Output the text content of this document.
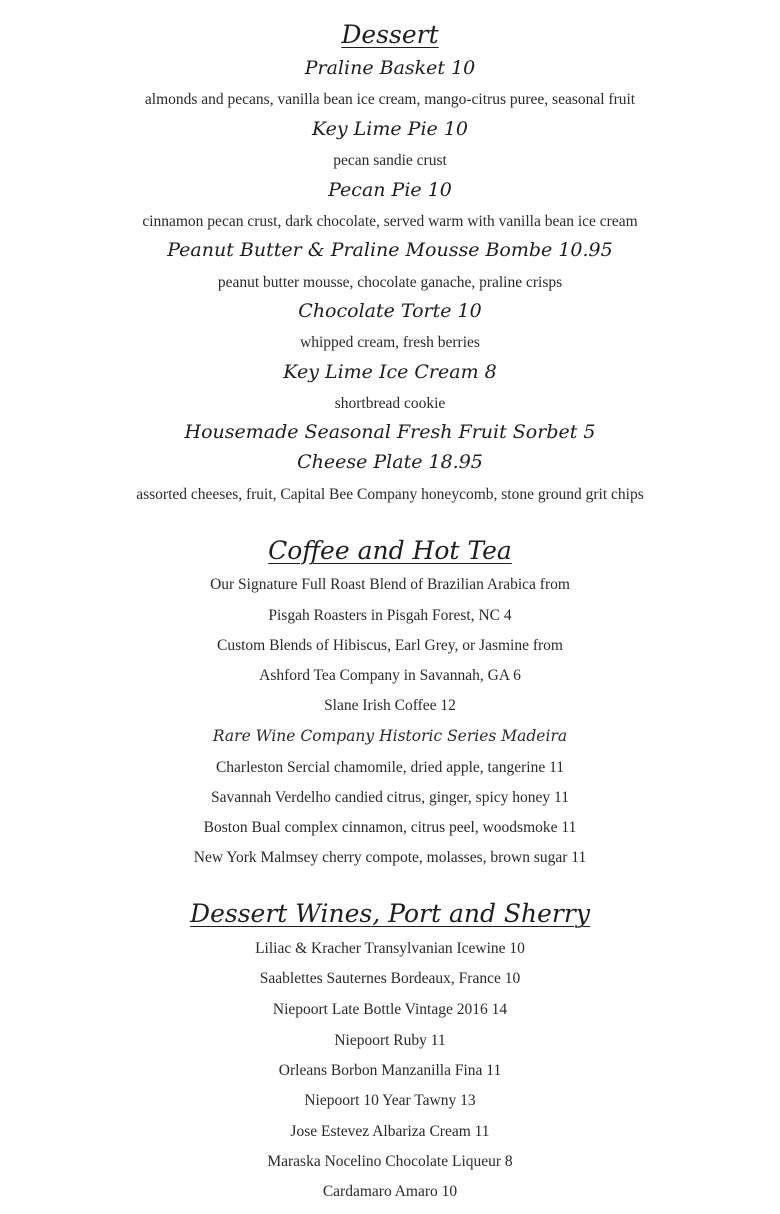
Dessert
Praline Basket 10
almonds and pecans, vanilla bean ice cream, mango-citrus puree, seasonal fruit
Key Lime Pie 10
pecan sandie crust
Pecan Pie 10
cinnamon pecan crust, dark chocolate, served warm with vanilla bean ice cream
Peanut Butter & Praline Mousse Bombe 10.95
peanut butter mousse, chocolate ganache, praline crisps
Chocolate Torte 10
whipped cream, fresh berries
Key Lime Ice Cream 8
shortbread cookie
Housemade Seasonal Fresh Fruit Sorbet 5
Cheese Plate 18.95
assorted cheeses, fruit, Capital Bee Company honeycomb, stone ground grit chips
Coffee and Hot Tea
Our Signature Full Roast Blend of Brazilian Arabica from
Pisgah Roasters in Pisgah Forest, NC 4
Custom Blends of Hibiscus, Earl Grey, or Jasmine from
Ashford Tea Company in Savannah, GA 6
Slane Irish Coffee 12
Rare Wine Company Historic Series Madeira
Charleston Sercial chamomile, dried apple, tangerine 11
Savannah Verdelho candied citrus, ginger, spicy honey 11
Boston Bual complex cinnamon, citrus peel, woodsmoke 11
New York Malmsey cherry compote, molasses, brown sugar 11
Dessert Wines, Port and Sherry
Liliac & Kracher Transylvanian Icewine 10
Saablettes Sauternes Bordeaux, France 10
Niepoort Late Bottle Vintage 2016 14
Niepoort Ruby 11
Orleans Borbon Manzanilla Fina 11
Niepoort 10 Year Tawny 13
Jose Estevez Albariza Cream 11
Maraska Nocelino Chocolate Liqueur 8
Cardamaro Amaro 10
